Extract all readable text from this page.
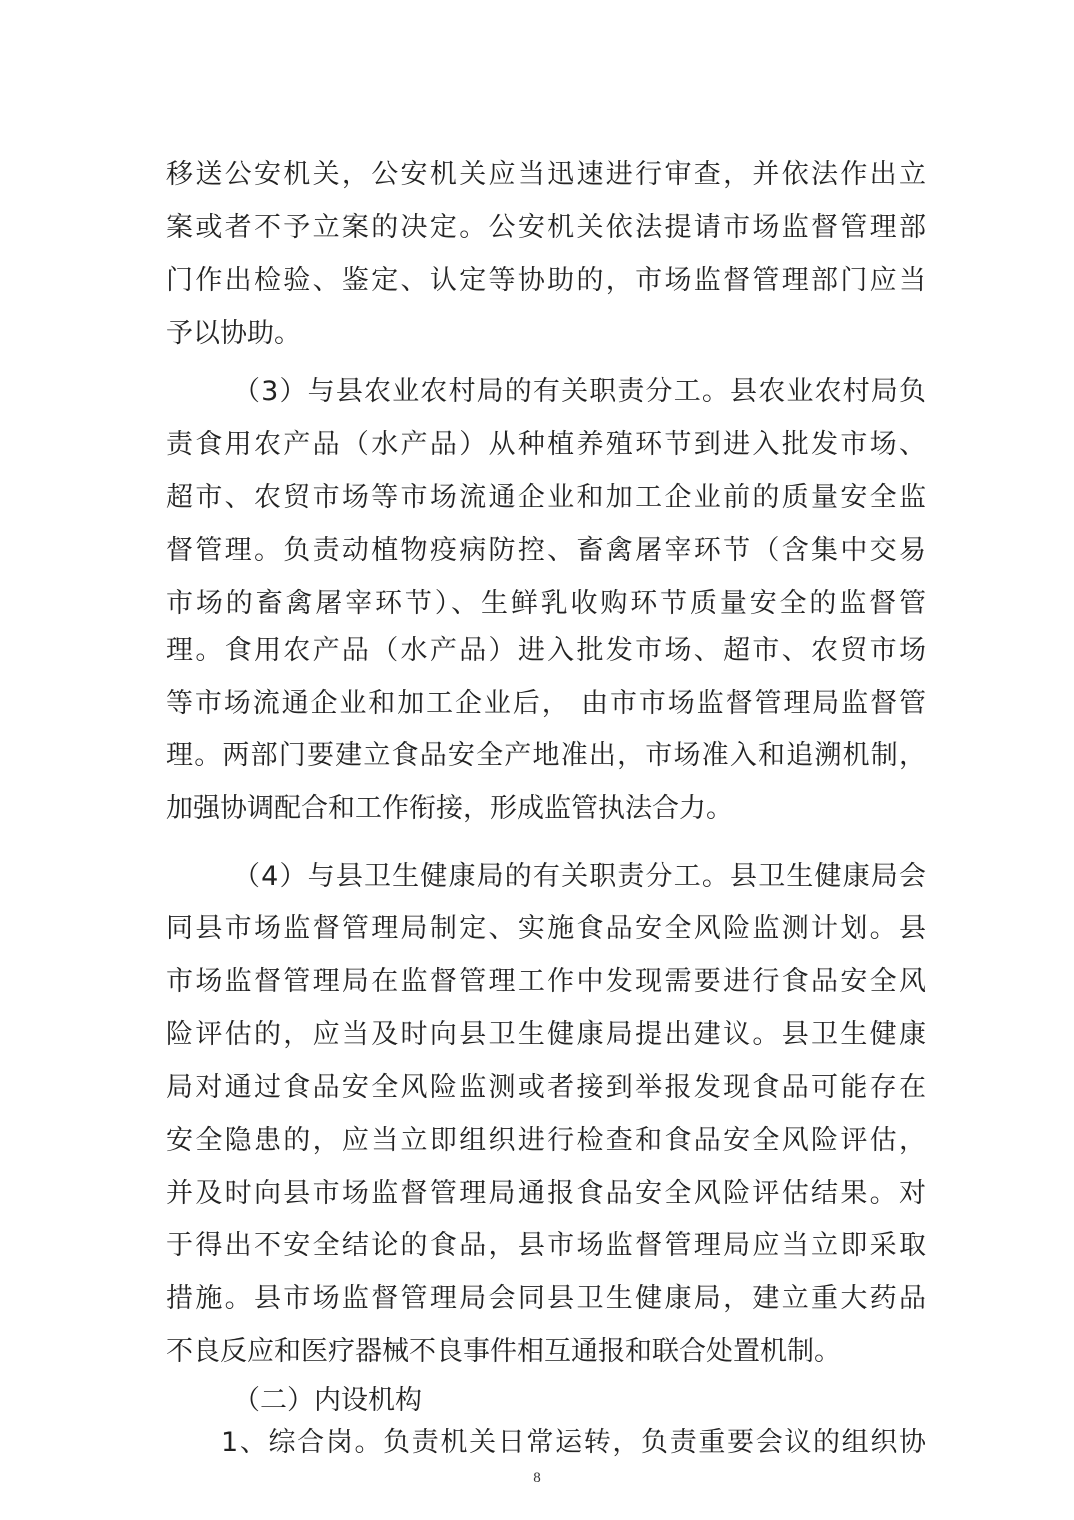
移送公安机关，公安机关应当迅速进行审查，并依法作出立
案或者不予立案的决定。公安机关依法提请市场监督管理部
门作出检验、鉴定、认定等协助的，市场监督管理部门应当
予以协助。
（3）与县农业农村局的有关职责分工。县农业农村局负
责食用农产品（水产品）从种植养殖环节到进入批发市场、
超市、农贸市场等市场流通企业和加工企业前的质量安全监
督管理。负责动植物疫病防控、畜禽屠宰环节（含集中交易
市场的畜禽屠宰环节）、生鲜乳收购环节质量安全的监督管
理。食用农产品（水产品）进入批发市场、超市、农贸市场
等市场流通企业和加工企业后， 由市市场监督管理局监督管
理。两部门要建立食品安全产地准出，市场准入和追溯机制，
加强协调配合和工作衔接，形成监管执法合力。
（4）与县卫生健康局的有关职责分工。县卫生健康局会
同县市场监督管理局制定、实施食品安全风险监测计划。县
市场监督管理局在监督管理工作中发现需要进行食品安全风
险评估的，应当及时向县卫生健康局提出建议。县卫生健康
局对通过食品安全风险监测或者接到举报发现食品可能存在
安全隐患的，应当立即组织进行检查和食品安全风险评估，
并及时向县市场监督管理局通报食品安全风险评估结果。对
于得出不安全结论的食品，县市场监督管理局应当立即采取
措施。县市场监督管理局会同县卫生健康局，建立重大药品
不良反应和医疗器械不良事件相互通报和联合处置机制。
（二）内设机构
1、综合岗。负责机关日常运转，负责重要会议的组织协
8
